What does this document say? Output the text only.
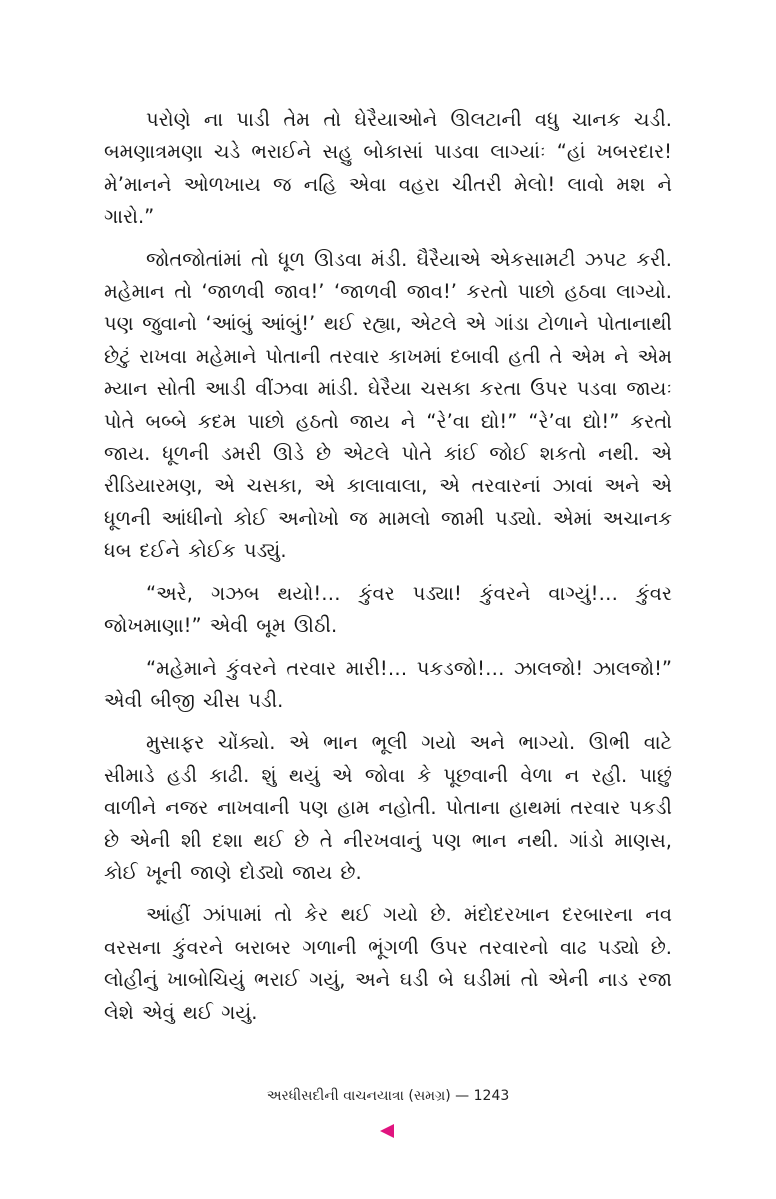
પરોણે ના પાડી તેમ તો ઘેરૈયાઓને ઊલટાની વધુ ચાનક ચડી. બમણાત્રમણા ચડે ભરાઈને સહુ બોકાસાં પાડવા લાગ્યાંઃ “હાં ખબરદાર! મે’માનને ઓળખાય જ નહિ એવા વહરા ચીતરી મેલો! લાવો મશ ને ગારો.”

જોતજોતાંમાં તો ધૂળ ઊડવા મંડી. ઘૈરૈયાએ એકસામટી ઝપટ કરી. મહેમાન તો ‘જાળવી જાવ!’ ‘જાળવી જાવ!’ કરતો પાછો હઠવા લાગ્યો. પણ જુવાનો ‘આંબું આંબું!’ થઈ રહ્યા, એટલે એ ગાંડા ટોળાને પોતાનાથી છેટું રાખવા મહેમાને પોતાની તરવાર કાખમાં દબાવી હતી તે એમ ને એમ મ્યાન સોતી આડી વીંઝવા માંડી. ઘેરૈયા ચસકા કરતા ઉપર પડવા જાયઃ પોતે બબ્બે કદમ પાછો હઠતો જાય ને “રે’વા દ્યો!” “રે’વા દ્યો!” કરતો જાય. ધૂળની ડમરી ઊડે છે એટલે પોતે કાંઈ જોઈ શકતો નથી. એ રીડિયારમણ, એ ચસકા, એ કાલાવાલા, એ તરવારનાં ઝાવાં અને એ ધૂળની આંધીનો કોઈ અનોખો જ મામલો જામી પડ્યો. એમાં અચાનક ધબ દઈને કોઈક પડ્યું.

“અરે, ગઝબ થયો!… કુંવર પડ્યા! કુંવરને વાગ્યું!… કુંવર જોખમાણા!” એવી બૂમ ઊઠી.

“મહેમાને કુંવરને તરવાર મારી!… પકડજો!… ઝાલજો! ઝાલજો!” એવી બીજી ચીસ પડી.

મુસાફર ચોંક્યો. એ ભાન ભૂલી ગયો અને ભાગ્યો. ઊભી વાટે સીમાડે હડી કાઢી. શું થયું એ જોવા કે પૂછવાની વેળા ન રહી. પાછું વાળીને નજર નાખવાની પણ હામ નહોતી. પોતાના હાથમાં તરવાર પકડી છે એની શી દશા થઈ છે તે નીરખવાનું પણ ભાન નથી. ગાંડો માણસ, કોઈ ખૂની જાણે દોડ્યો જાય છે.

આંહીં ઝાંપામાં તો કેર થઈ ગયો છે. મંદોદરખાન દરબારના નવ વરસના કુંવરને બરાબર ગળાની ભૂંગળી ઉપર તરવારનો વાઢ પડ્યો છે. લોહીનું ખાબોચિયું ભરાઈ ગયું, અને ઘડી બે ઘડીમાં તો એની નાડ રજા લેશે એવું થઈ ગયું.

અરધીસદીની વાચનયાત્રા (સમગ્ર) — 1243
